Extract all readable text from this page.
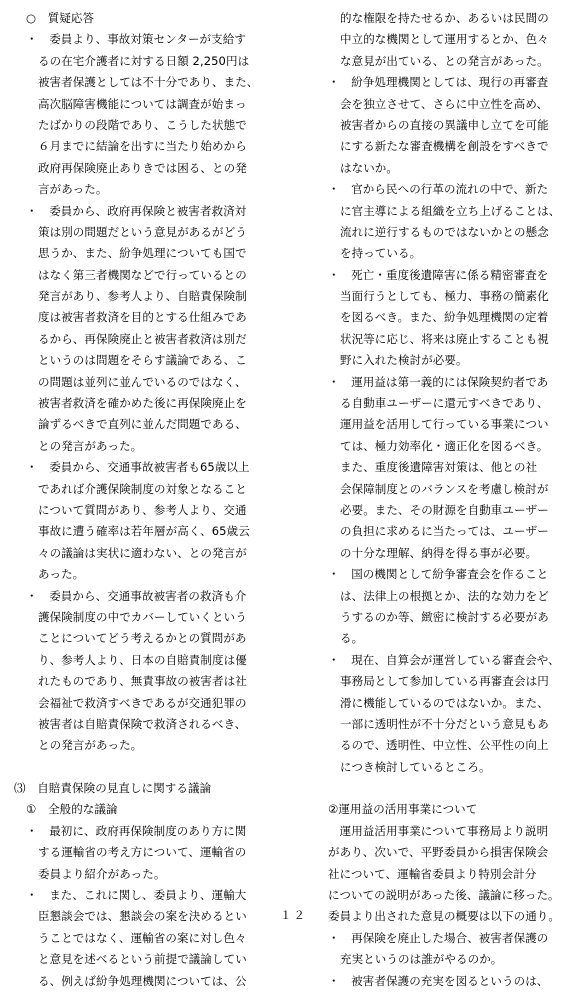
○　質疑応答
・　委員より、事故対策センターが支給す
るの在宅介護者に対する日額 2,250円は
被害者保護としては不十分であり、また、
高次脳障害機能については調査が始まっ
たばかりの段階であり、こうした状態で
６月までに結論を出すに当たり始めから
政府再保険廃止ありきでは困る、との発
言があった。
・　委員から、政府再保険と被害者救済対
策は別の問題だという意見があるがどう
思うか、また、紛争処理についても国で
はなく第三者機関などで行っているとの
発言があり、参考人より、自賠責保険制
度は被害者救済を目的とする仕組みであ
るから、再保険廃止と被害者救済は別だ
というのは問題をそらす議論である、こ
の問題は並列に並んでいるのではなく、
被害者救済を確かめた後に再保険廃止を
論ずるべきで直列に並んだ問題である、
との発言があった。
・　委員から、交通事故被害者も65歳以上
であれば介護保険制度の対象となること
について質問があり、参考人より、交通
事故に遭う確率は若年層が高く、65歳云
々の議論は実状に適わない、との発言が
あった。
・　委員から、交通事故被害者の救済も介
護保険制度の中でカバーしていくという
ことについてどう考えるかとの質問があ
り、参考人より、日本の自賠責制度は優
れたものであり、無責事故の被害者は社
会福祉で救済すべきであるが交通犯罪の
被害者は自賠責保険で救済されるべき、
との発言があった。
⑶　自賠責保険の見直しに関する議論
①　全般的な議論
・　最初に、政府再保険制度のあり方に関
する運輸省の考え方について、運輸省の
委員より紹介があった。
・　また、これに関し、委員より、運輸大
臣懇談会では、懇談会の案を決めるとい
うことではなく、運輸省の案に対し色々
と意見を述べるという前提で議論してい
る、例えば紛争処理機関については、公
的な権限を持たせるか、あるいは民間の
中立的な機関として運用するとか、色々
な意見が出ている、との発言があった。
・　紛争処理機関としては、現行の再審査
会を独立させて、さらに中立性を高め、
被害者からの直接の異議申し立てを可能
にする新たな審査機構を創設をすべきで
はないか。
・　官から民への行革の流れの中で、新た
に官主導による組織を立ち上げることは、
流れに逆行するものではないかとの懸念
を持っている。
・　死亡・重度後遺障害に係る精密審査を
当面行うとしても、極力、事務の簡素化
を図るべき。また、紛争処理機関の定着
状況等に応じ、将来は廃止することも視
野に入れた検討が必要。
・　運用益は第一義的には保険契約者であ
る自動車ユーザーに還元すべきであり、
運用益を活用して行っている事業につい
ては、極力効率化・適正化を図るべき。
また、重度後遺障害対策は、他との社
会保障制度とのバランスを考慮し検討が
必要。また、その財源を自動車ユーザー
の負担に求めるに当たっては、ユーザー
の十分な理解、納得を得る事が必要。
・　国の機関として紛争審査会を作ること
は、法律上の根拠とか、法的な効力をど
うするのか等、緻密に検討する必要があ
る。
・　現在、自算会が運営している審査会や、
事務局として参加している再審査会は円
滑に機能しているのではないか。また、
一部に透明性が不十分だという意見もあ
るので、透明性、中立性、公平性の向上
につき検討しているところ。
②運用益の活用事業について
　運用益活用事業について事務局より説明
があり、次いで、平野委員から損害保険会
社について、運輸省委員より特別会計分
についての説明があった後、議論に移った。
委員より出された意見の概要は以下の通り。
・　再保険を廃止した場合、被害者保護の
充実というのは誰がやるのか。
・　被害者保護の充実を図るというのは、
１２
